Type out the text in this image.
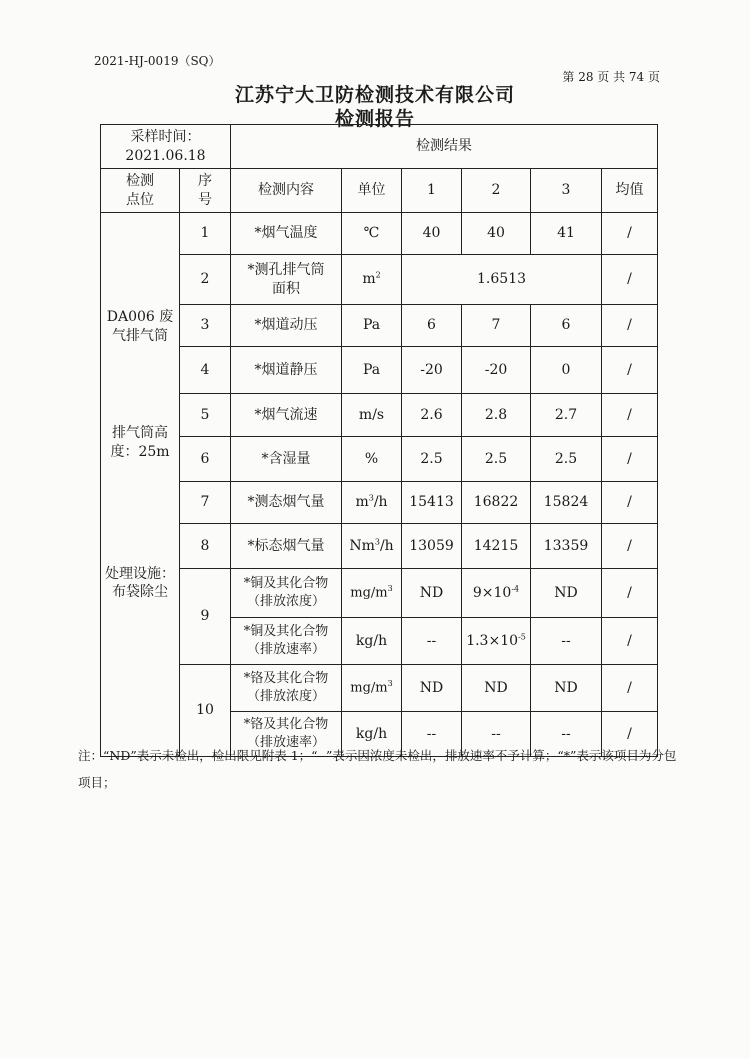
2021-HJ-0019（SQ）
第 28 页 共 74 页
江苏宁大卫防检测技术有限公司
检测报告
采样时间：
2021.06.18		检测结果					

检测点位	序号	检测内容	单位	1	2	3	均值

DA006 废气排气筒
排气筒高度：25m
处理设施：布袋除尘	1	*烟气温度	℃	40	40	41	/
	2	*测孔排气筒面积	$m^2$	1.6513			/
	3	*烟道动压	Pa	6	7	6	/
	4	*烟道静压	Pa	-20	-20	0	/
	5	*烟气流速	m/s	2.6	2.8	2.7	/
	6	*含湿量	%	2.5	2.5	2.5	/
	7	*测态烟气量	$m^3/h$	15413	16822	15824	/
	8	*标态烟气量	Nm$^3$/h	13059	14215	13359	/
	9	*铜及其化合物（排放浓度）	$mg/m^3$	ND	$9\times 10^{-4}$	ND	/
		*铜及其化合物（排放速率）	kg/h	--	$1.3\times 10^{-5}$	--	/
	10	*铬及其化合物（排放浓度）	$mg/m^3$	ND	ND	ND	/
		*铬及其化合物（排放速率）	kg/h	--	--	--	/
注：“ND”表示未检出，检出限见附表 1；“--”表示因浓度未检出，排放速率不予计算；“*”表示该项目为分包项目；
